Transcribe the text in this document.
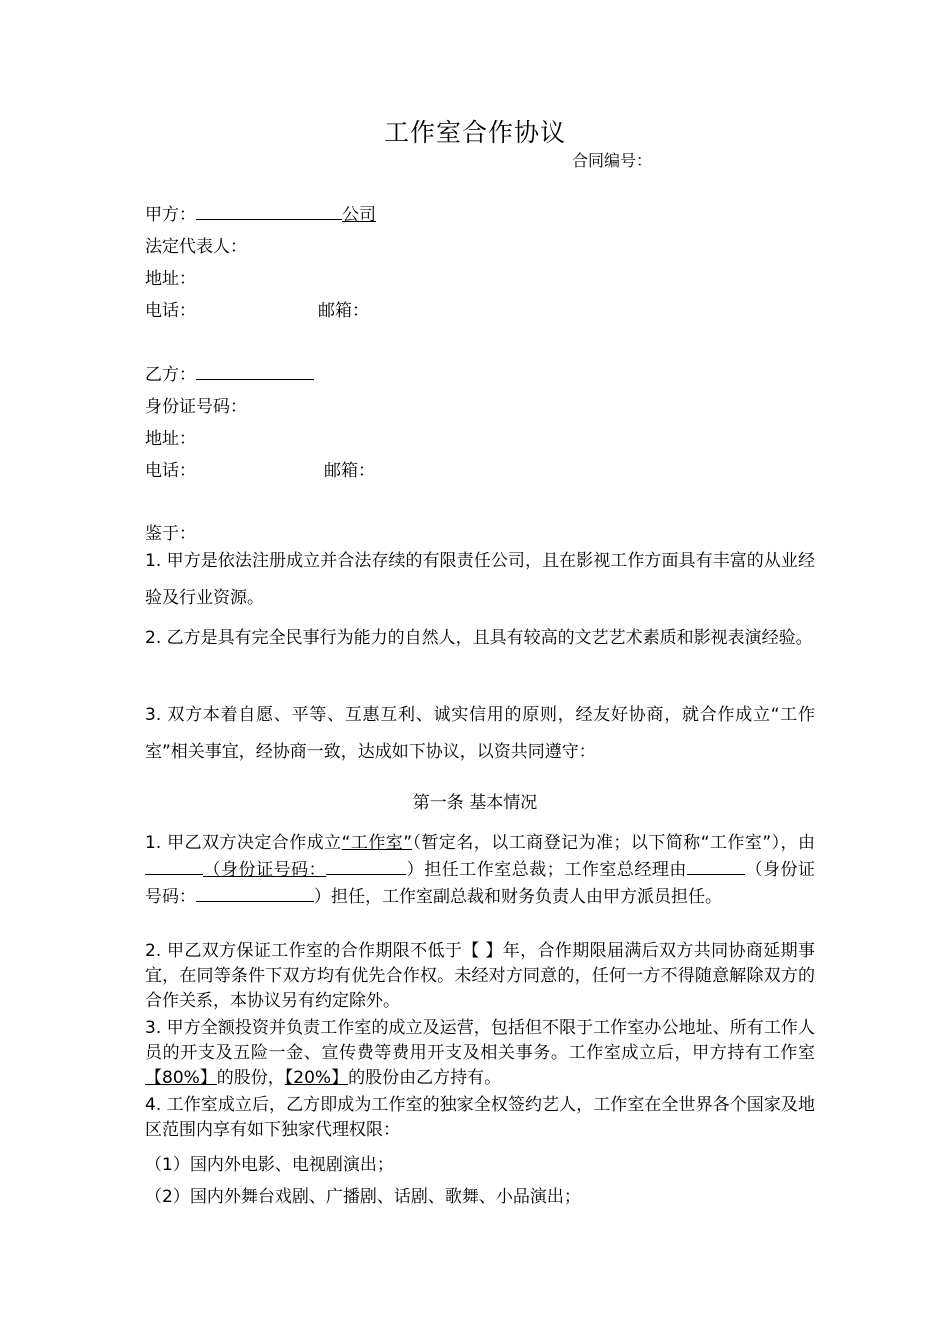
工作室合作协议
合同编号：
甲方：	公司
法定代表人：
地址：
电话：	邮箱：
乙方：
身份证号码：
地址：
电话：	邮箱：
鉴于：
1. 甲方是依法注册成立并合法存续的有限责任公司，且在影视工作方面具有丰富的从业经验及行业资源。
2. 乙方是具有完全民事行为能力的自然人，且具有较高的文艺艺术素质和影视表演经验。
3. 双方本着自愿、平等、互惠互利、诚实信用的原则，经友好协商，就合作成立“工作室”相关事宜，经协商一致，达成如下协议，以资共同遵守：
第一条 基本情况
1. 甲乙双方决定合作成立“工作室”（暂定名，以工商登记为准；以下简称“工作室”），由（身份证号码：	）担任工作室总裁；工作室总经理由	（身份证号码：	）担任，工作室副总裁和财务负责人由甲方派员担任。
2. 甲乙双方保证工作室的合作期限不低于【 】年，合作期限届满后双方共同协商延期事宜，在同等条件下双方均有优先合作权。未经对方同意的，任何一方不得随意解除双方的合作关系，本协议另有约定除外。
3. 甲方全额投资并负责工作室的成立及运营，包括但不限于工作室办公地址、所有工作人员的开支及五险一金、宣传费等费用开支及相关事务。工作室成立后，甲方持有工作室【80%】的股份，【20%】的股份由乙方持有。
4. 工作室成立后，乙方即成为工作室的独家全权签约艺人，工作室在全世界各个国家及地区范围内享有如下独家代理权限：
（1）国内外电影、电视剧演出；
（2）国内外舞台戏剧、广播剧、话剧、歌舞、小品演出；
